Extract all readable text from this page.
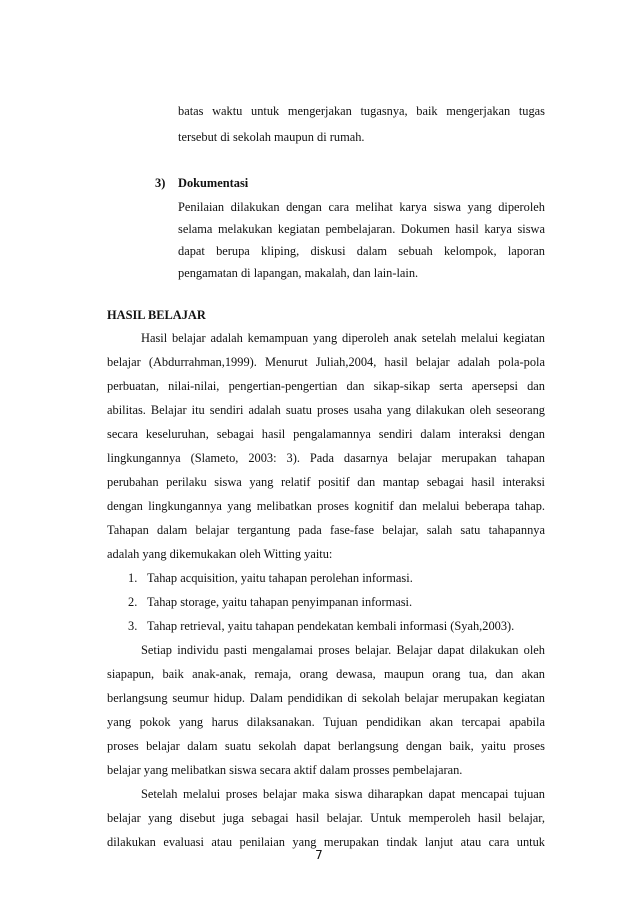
batas waktu untuk mengerjakan tugasnya, baik mengerjakan tugas
tersebut di sekolah maupun di rumah.
3) Dokumentasi
Penilaian dilakukan dengan cara melihat karya siswa yang diperoleh
selama melakukan kegiatan pembelajaran. Dokumen hasil karya siswa
dapat berupa kliping, diskusi dalam sebuah kelompok, laporan
pengamatan di lapangan, makalah, dan lain-lain.
HASIL BELAJAR
Hasil belajar adalah kemampuan yang diperoleh anak setelah melalui kegiatan
belajar (Abdurrahman,1999). Menurut Juliah,2004, hasil belajar adalah pola-pola
perbuatan, nilai-nilai, pengertian-pengertian dan sikap-sikap serta apersepsi dan
abilitas. Belajar itu sendiri adalah suatu proses usaha yang dilakukan oleh seseorang
secara keseluruhan, sebagai hasil pengalamannya sendiri dalam interaksi dengan
lingkungannya (Slameto, 2003: 3). Pada dasarnya belajar merupakan tahapan
perubahan perilaku siswa yang relatif positif dan mantap sebagai hasil interaksi
dengan lingkungannya yang melibatkan proses kognitif dan melalui beberapa tahap.
Tahapan dalam belajar tergantung pada fase-fase belajar, salah satu tahapannya
adalah yang dikemukakan oleh Witting yaitu:
1. Tahap acquisition, yaitu tahapan perolehan informasi.
2. Tahap storage, yaitu tahapan penyimpanan informasi.
3. Tahap retrieval, yaitu tahapan pendekatan kembali informasi (Syah,2003).
Setiap individu pasti mengalamai proses belajar. Belajar dapat dilakukan oleh
siapapun, baik anak-anak, remaja, orang dewasa, maupun orang tua, dan akan
berlangsung seumur hidup. Dalam pendidikan di sekolah belajar merupakan kegiatan
yang pokok yang harus dilaksanakan. Tujuan pendidikan akan tercapai apabila
proses belajar dalam suatu sekolah dapat berlangsung dengan baik, yaitu proses
belajar yang melibatkan siswa secara aktif dalam prosses pembelajaran.
Setelah melalui proses belajar maka siswa diharapkan dapat mencapai tujuan
belajar yang disebut juga sebagai hasil belajar. Untuk memperoleh hasil belajar,
dilakukan evaluasi atau penilaian yang merupakan tindak lanjut atau cara untuk
7
